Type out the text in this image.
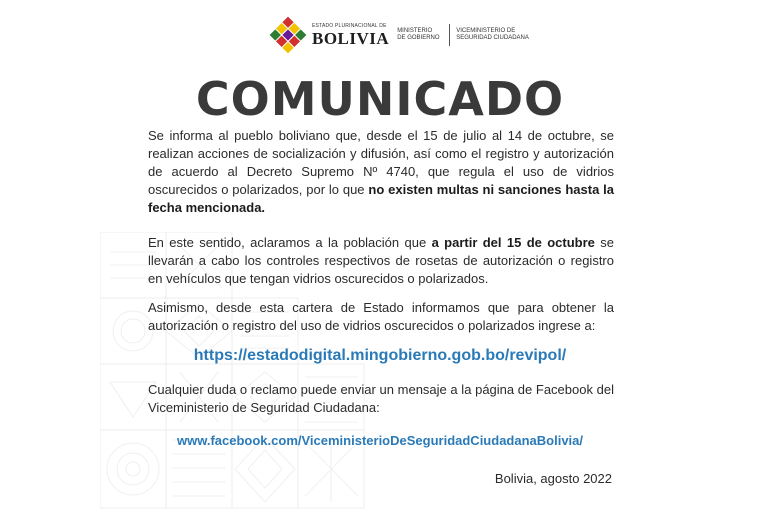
ESTADO PLURINACIONAL DE
BOLIVIA MINISTERIO
DE GOBIERNO
VICEMINISTERIO DE
SEGURIDAD CIUDADANA
COMUNICADO

Se informa al pueblo boliviano que, desde el 15 de julio al 14 de octubre, se realizan acciones de socialización y difusión, así como el registro y autorización de acuerdo al Decreto Supremo Nº 4740, que regula el uso de vidrios oscurecidos o polarizados, por lo que no existen multas ni sanciones hasta la fecha mencionada.

En este sentido, aclaramos a la población que a partir del 15 de octubre se llevarán a cabo los controles respectivos de rosetas de autorización o registro en vehículos que tengan vidrios oscurecidos o polarizados.

Asimismo, desde esta cartera de Estado informamos que para obtener la autorización o registro del uso de vidrios oscurecidos o polarizados ingrese a:

https://estadodigital.mingobierno.gob.bo/revipol/

Cualquier duda o reclamo puede enviar un mensaje a la página de Facebook del Viceministerio de Seguridad Ciudadana:

www.facebook.com/ViceministerioDeSeguridadCiudadanaBolivia/
Bolivia, agosto 2022
